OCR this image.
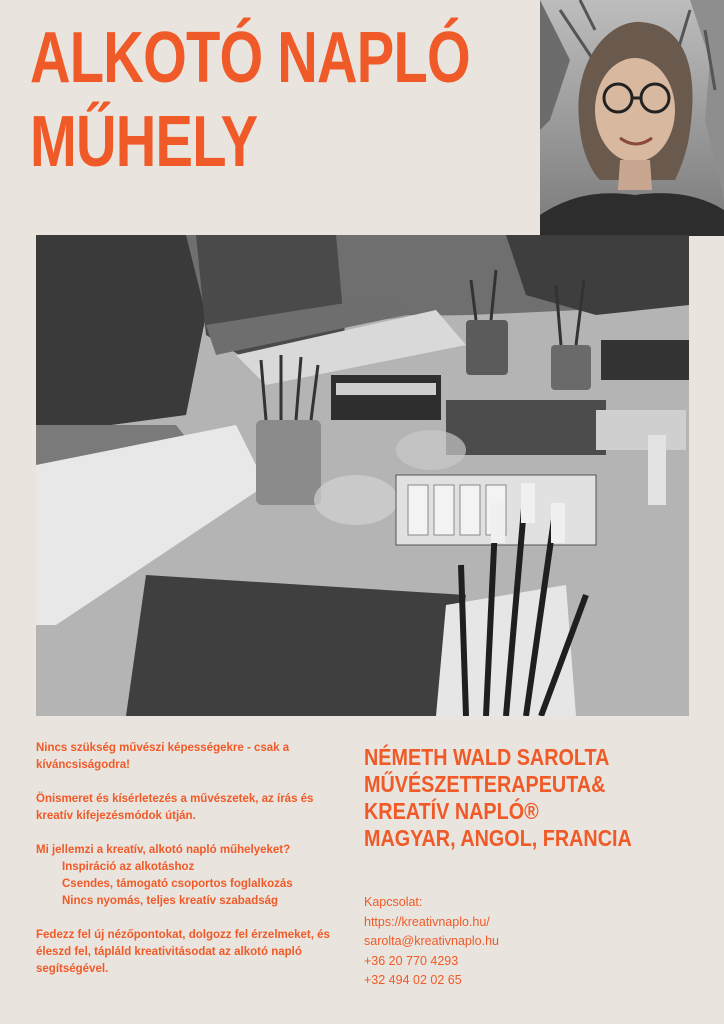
ALKOTÓ NAPLÓ
MŰHELY

Nincs szükség művészi képességekre - csak a kíváncsiságodra!

Önismeret és kísérletezés a művészetek, az írás és kreatív kifejezésmódok útján.

Mi jellemzi a kreatív, alkotó napló műhelyeket?
Inspiráció az alkotáshoz
Csendes, támogató csoportos foglalkozás
Nincs nyomás, teljes kreatív szabadság

Fedezz fel új nézőpontokat, dolgozz fel érzelmeket, és éleszd fel, tápláld kreativitásodat az alkotó napló segítségével.

NÉMETH WALD SAROLTA
MŰVÉSZETTERAPEUTA&
KREATÍV NAPLÓ®
MAGYAR, ANGOL, FRANCIA
Kapcsolat:
https://kreativnaplo.hu/
sarolta@kreativnaplo.hu
+36 20 770 4293
+32 494 02 02 65
